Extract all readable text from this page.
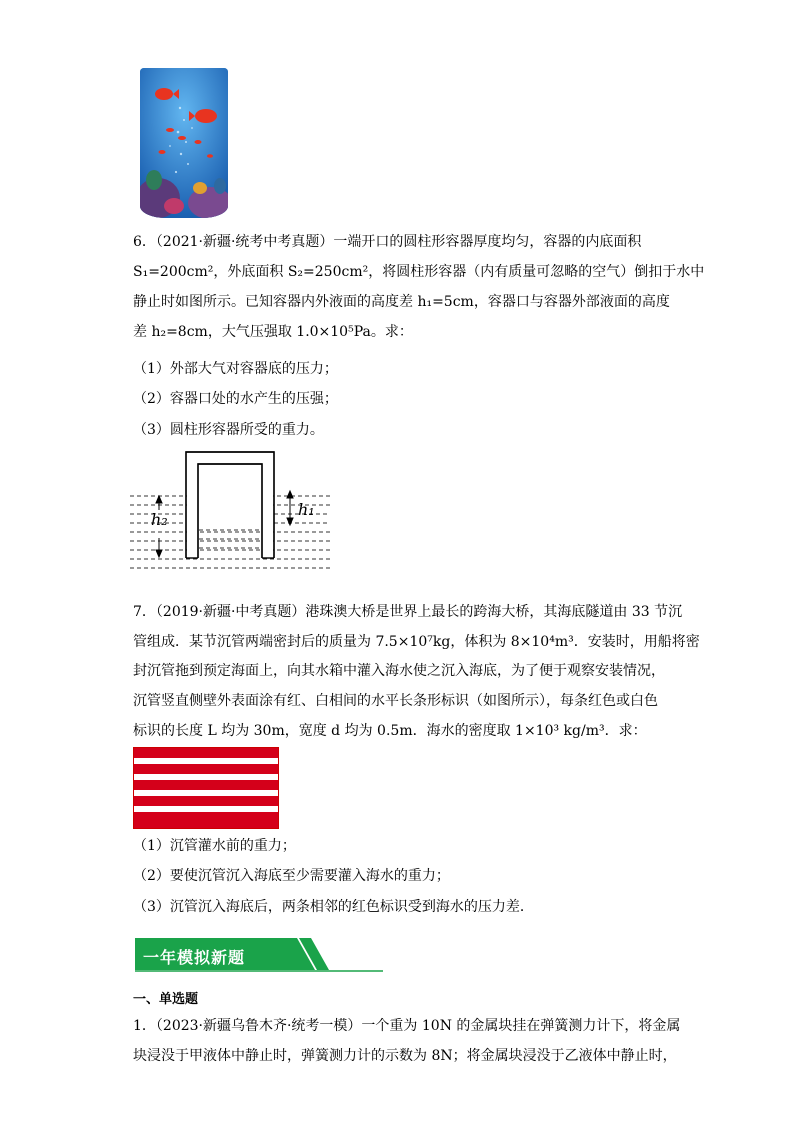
6．（2021·新疆·统考中考真题）一端开口的圆柱形容器厚度均匀，容器的内底面积
S₁=200cm²，外底面积 S₂=250cm²，将圆柱形容器（内有质量可忽略的空气）倒扣于水中
静止时如图所示。已知容器内外液面的高度差 h₁=5cm，容器口与容器外部液面的高度
差 h₂=8cm，大气压强取 1.0×10⁵Pa。求：
（1）外部大气对容器底的压力；
（2）容器口处的水产生的压强；
（3）圆柱形容器所受的重力。
h₂
h₁
7．（2019·新疆·中考真题）港珠澳大桥是世界上最长的跨海大桥，其海底隧道由 33 节沉
管组成．某节沉管两端密封后的质量为 7.5×10⁷kg，体积为 8×10⁴m³．安装时，用船将密
封沉管拖到预定海面上，向其水箱中灌入海水使之沉入海底，为了便于观察安装情况，
沉管竖直侧壁外表面涂有红、白相间的水平长条形标识（如图所示），每条红色或白色
标识的长度 L 均为 30m，宽度 d 均为 0.5m．海水的密度取 1×10³ kg/m³．求：
（1）沉管灌水前的重力；
（2）要使沉管沉入海底至少需要灌入海水的重力；
（3）沉管沉入海底后，两条相邻的红色标识受到海水的压力差．
一年模拟新题
一、单选题
1．（2023·新疆乌鲁木齐·统考一模）一个重为 10N 的金属块挂在弹簧测力计下，将金属
块浸没于甲液体中静止时，弹簧测力计的示数为 8N；将金属块浸没于乙液体中静止时，
